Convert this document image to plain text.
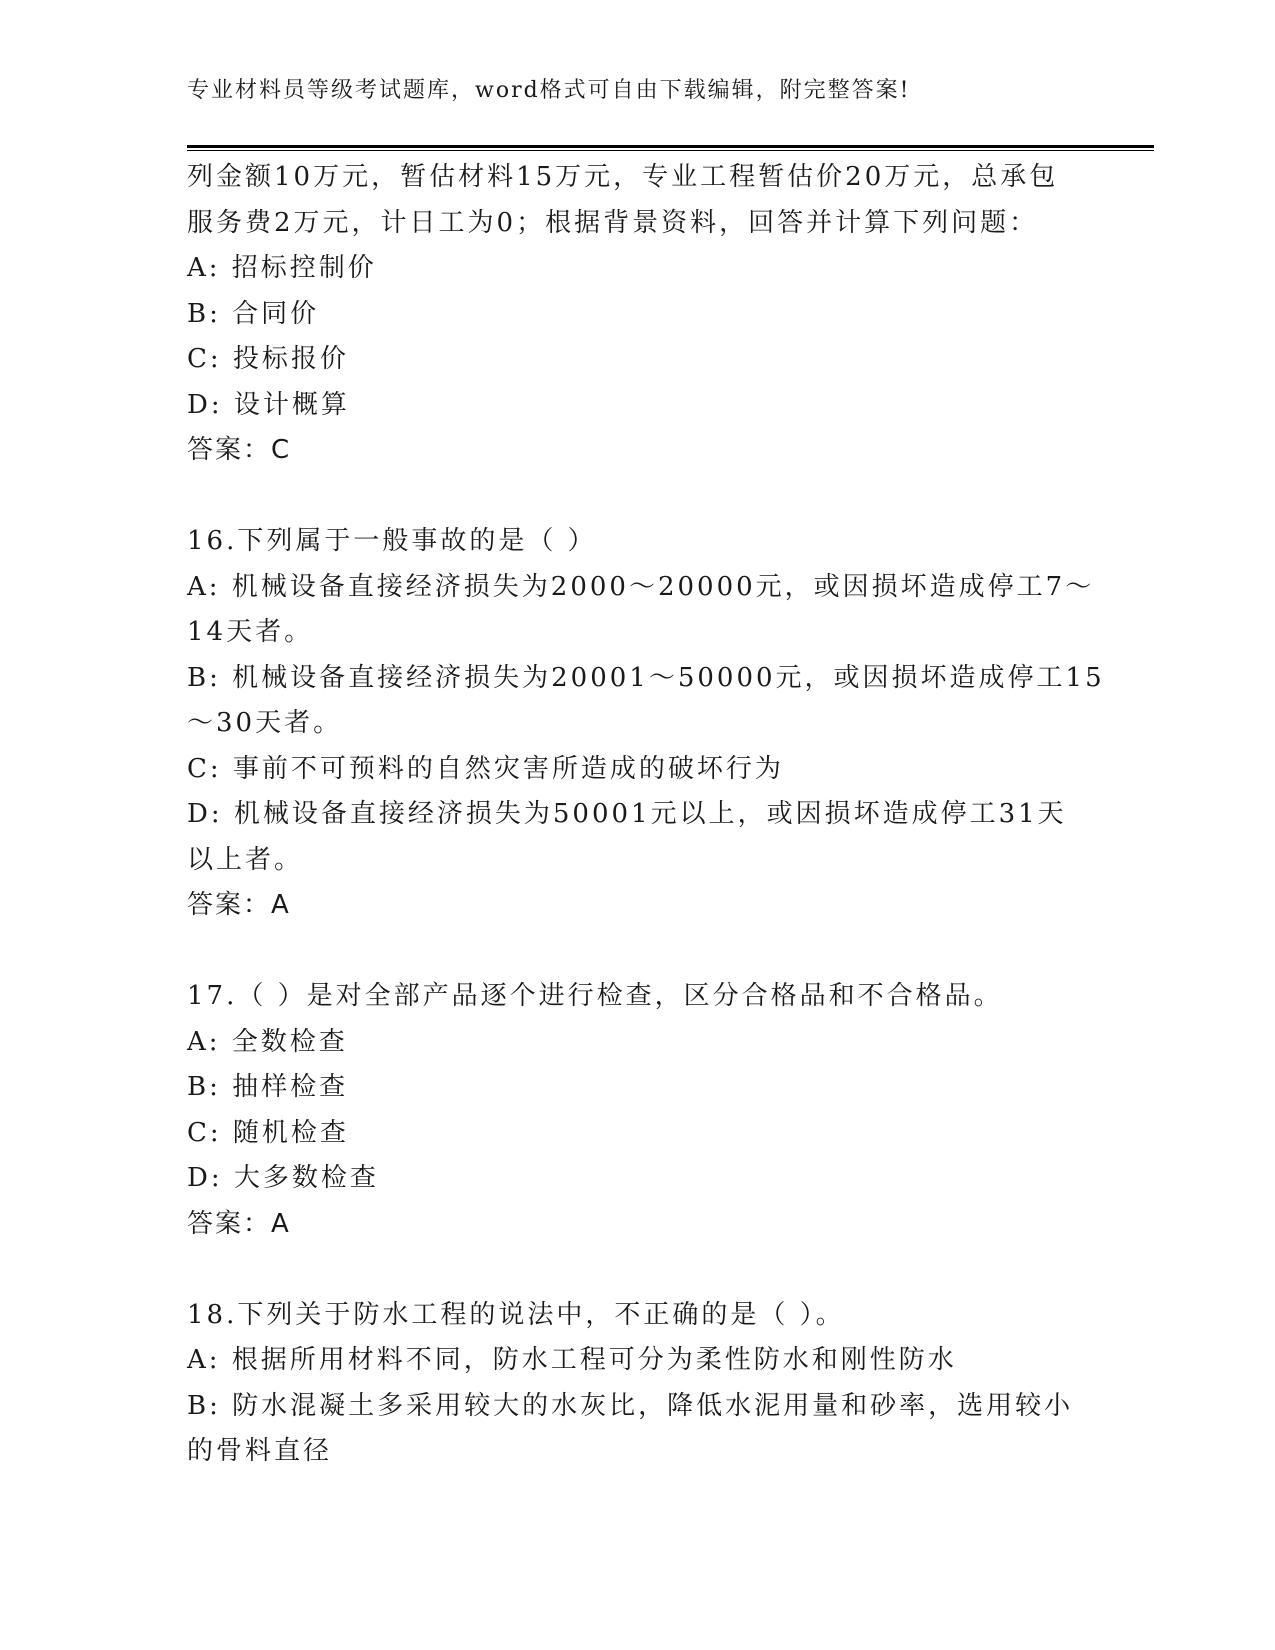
专业材料员等级考试题库，word格式可自由下载编辑，附完整答案!
列金额10万元，暂估材料15万元，专业工程暂估价20万元，总承包
服务费2万元，计日工为0；根据背景资料，回答并计算下列问题：
A: 招标控制价
B: 合同价
C: 投标报价
D: 设计概算
答案：C
16.下列属于一般事故的是（ ）
A: 机械设备直接经济损失为2000～20000元，或因损坏造成停工7～
14天者。
B: 机械设备直接经济损失为20001～50000元，或因损坏造成停工15
～30天者。
C: 事前不可预料的自然灾害所造成的破坏行为
D: 机械设备直接经济损失为50001元以上，或因损坏造成停工31天
以上者。
答案：A
17.（ ）是对全部产品逐个进行检查，区分合格品和不合格品。
A: 全数检查
B: 抽样检查
C: 随机检查
D: 大多数检查
答案：A
18.下列关于防水工程的说法中，不正确的是（ ）。
A: 根据所用材料不同，防水工程可分为柔性防水和刚性防水
B: 防水混凝土多采用较大的水灰比，降低水泥用量和砂率，选用较小
的骨料直径
